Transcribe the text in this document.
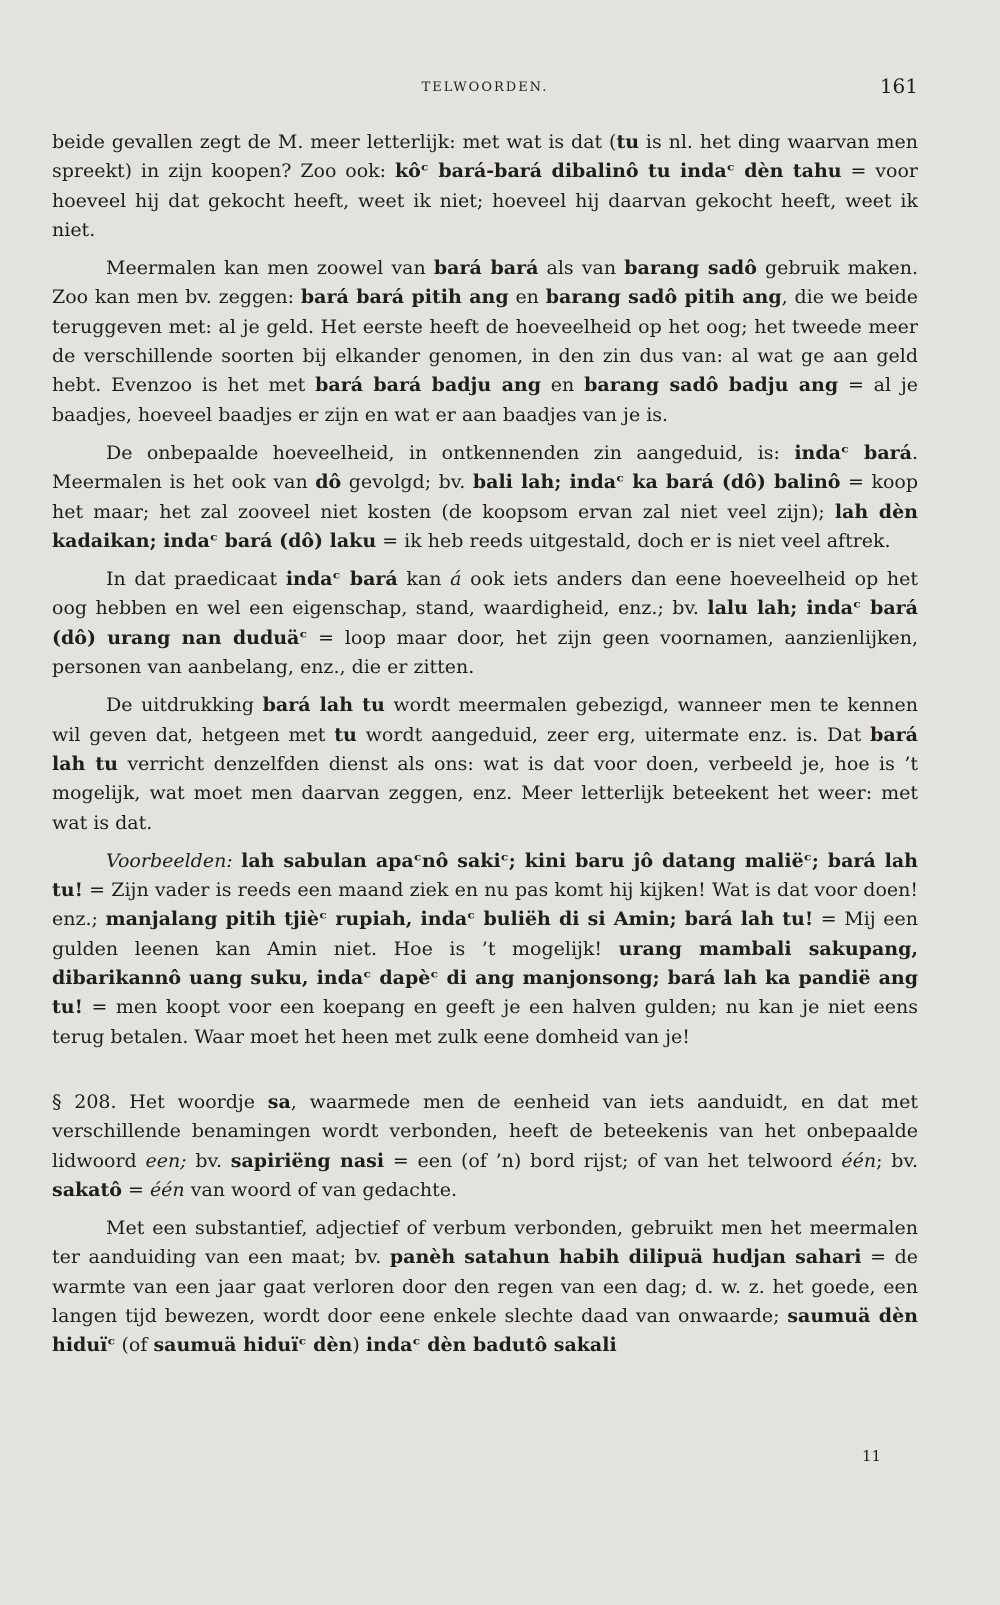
TELWOORDEN.	161

beide gevallen zegt de M. meer letterlijk: met wat is dat (tu is nl. het ding waarvan men spreekt) in zijn koopen? Zoo ook: kôᶜ bará-bará dibalinô tu indaᶜ dèn tahu = voor hoeveel hij dat gekocht heeft, weet ik niet; hoeveel hij daarvan gekocht heeft, weet ik niet.

Meermalen kan men zoowel van bará bará als van barang sadô gebruik maken. Zoo kan men bv. zeggen: bará bará pitih ang en barang sadô pitih ang, die we beide teruggeven met: al je geld. Het eerste heeft de hoeveelheid op het oog; het tweede meer de verschillende soorten bij elkander genomen, in den zin dus van: al wat ge aan geld hebt. Evenzoo is het met bará bará badju ang en barang sadô badju ang = al je baadjes, hoeveel baadjes er zijn en wat er aan baadjes van je is.

De onbepaalde hoeveelheid, in ontkennenden zin aangeduid, is: indaᶜ bará. Meermalen is het ook van dô gevolgd; bv. bali lah; indaᶜ ka bará (dô) balinô = koop het maar; het zal zooveel niet kosten (de koopsom ervan zal niet veel zijn); lah dèn kadaikan; indaᶜ bará (dô) laku = ik heb reeds uitgestald, doch er is niet veel aftrek.

In dat praedicaat indaᶜ bará kan á ook iets anders dan eene hoeveelheid op het oog hebben en wel een eigenschap, stand, waardigheid, enz.; bv. lalu lah; indaᶜ bará (dô) urang nan duduäᶜ = loop maar door, het zijn geen voornamen, aanzienlijken, personen van aanbelang, enz., die er zitten.

De uitdrukking bará lah tu wordt meermalen gebezigd, wanneer men te kennen wil geven dat, hetgeen met tu wordt aangeduid, zeer erg, uitermate enz. is. Dat bará lah tu verricht denzelfden dienst als ons: wat is dat voor doen, verbeeld je, hoe is ’t mogelijk, wat moet men daarvan zeggen, enz. Meer letterlijk beteekent het weer: met wat is dat.

Voorbeelden: lah sabulan apaᶜnô sakiᶜ; kini baru jô datang maliëᶜ; bará lah tu! = Zijn vader is reeds een maand ziek en nu pas komt hij kijken! Wat is dat voor doen! enz.; manjalang pitih tjièᶜ rupiah, indaᶜ buliëh di si Amin; bará lah tu! = Mij een gulden leenen kan Amin niet. Hoe is ’t mogelijk! urang mambali sakupang, dibarikannô uang suku, indaᶜ dapèᶜ di ang manjonsong; bará lah ka pandië ang tu! = men koopt voor een koepang en geeft je een halven gulden; nu kan je niet eens terug betalen. Waar moet het heen met zulk eene domheid van je!

§ 208. Het woordje sa, waarmede men de eenheid van iets aanduidt, en dat met verschillende benamingen wordt verbonden, heeft de beteekenis van het onbepaalde lidwoord een; bv. sapiriëng nasi = een (of ’n) bord rijst; of van het telwoord één; bv. sakatô = één van woord of van gedachte.

Met een substantief, adjectief of verbum verbonden, gebruikt men het meermalen ter aanduiding van een maat; bv. panèh satahun habih dilipuä hudjan sahari = de warmte van een jaar gaat verloren door den regen van een dag; d. w. z. het goede, een langen tijd bewezen, wordt door eene enkele slechte daad van onwaarde; saumuä dèn hiduïᶜ (of saumuä hiduïᶜ dèn) indaᶜ dèn badutô sakali

11
